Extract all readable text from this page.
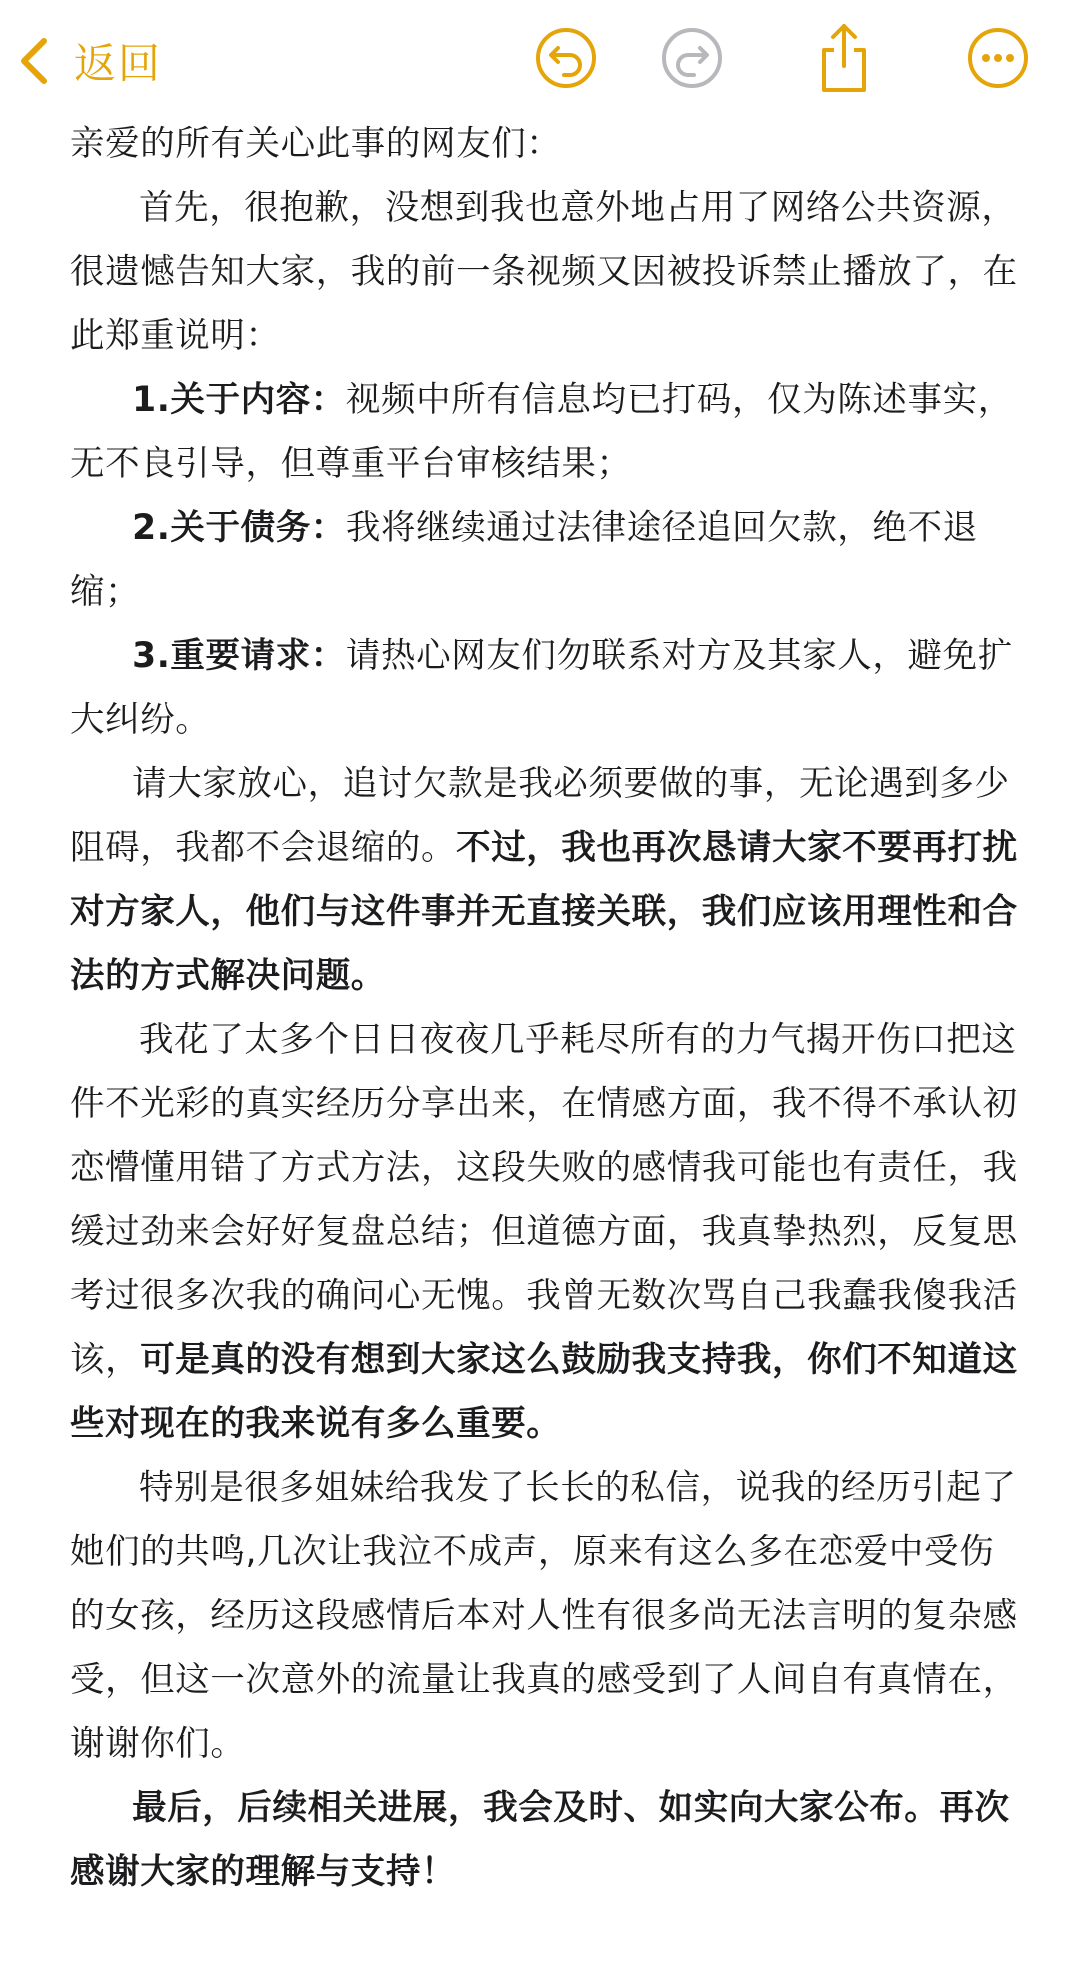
返回

亲爱的所有关心此事的网友们：

首先，很抱歉，没想到我也意外地占用了网络公共资源，很遗憾告知大家，我的前一条视频又因被投诉禁止播放了，在此郑重说明：

1.关于内容：视频中所有信息均已打码，仅为陈述事实，无不良引导，但尊重平台审核结果；

2.关于债务：我将继续通过法律途径追回欠款，绝不退缩；

3.重要请求：请热心网友们勿联系对方及其家人，避免扩大纠纷。

请大家放心，追讨欠款是我必须要做的事，无论遇到多少阻碍，我都不会退缩的。不过，我也再次恳请大家不要再打扰对方家人，他们与这件事并无直接关联，我们应该用理性和合法的方式解决问题。

我花了太多个日日夜夜几乎耗尽所有的力气揭开伤口把这件不光彩的真实经历分享出来，在情感方面，我不得不承认初恋懵懂用错了方式方法，这段失败的感情我可能也有责任，我缓过劲来会好好复盘总结；但道德方面，我真挚热烈，反复思考过很多次我的确问心无愧。我曾无数次骂自己我蠢我傻我活该，可是真的没有想到大家这么鼓励我支持我，你们不知道这些对现在的我来说有多么重要。

特别是很多姐妹给我发了长长的私信，说我的经历引起了她们的共鸣,几次让我泣不成声，原来有这么多在恋爱中受伤的女孩，经历这段感情后本对人性有很多尚无法言明的复杂感受，但这一次意外的流量让我真的感受到了人间自有真情在，谢谢你们。

最后，后续相关进展，我会及时、如实向大家公布。再次感谢大家的理解与支持！
